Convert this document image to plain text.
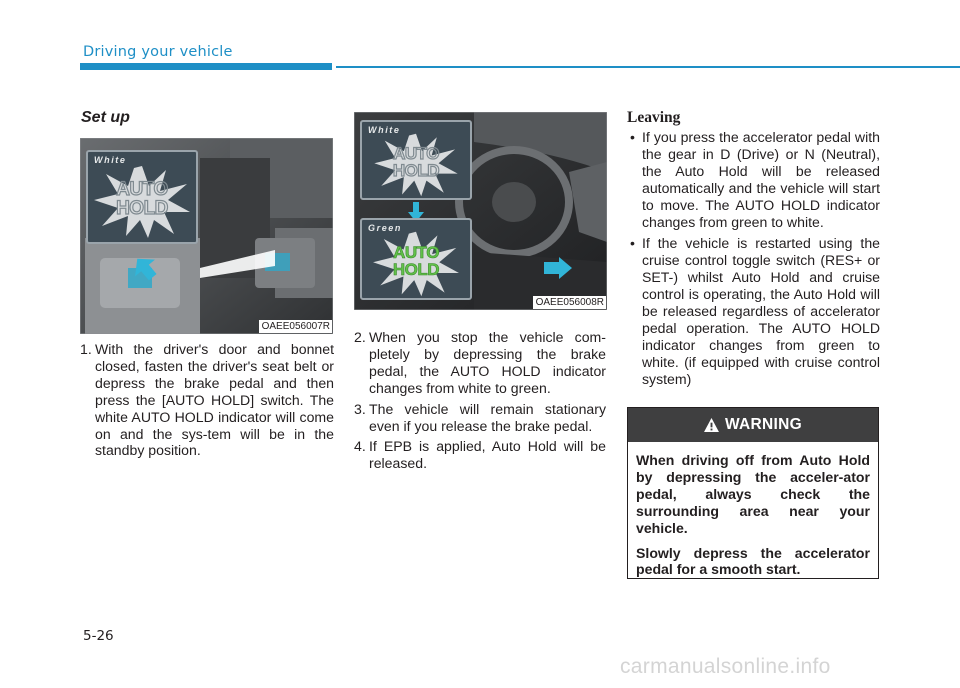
Driving your vehicle
Set up
White
AUTO
HOLD
OAEE056007R
White
AUTO
HOLD
Green
AUTO
HOLD
OAEE056008R
1. With the driver's door and bonnet closed, fasten the driver's seat belt or depress the brake pedal and then press the [AUTO HOLD] switch. The white AUTO HOLD indicator will come on and the sys-tem will be in the standby position.
2. When you stop the vehicle com-pletely by depressing the brake pedal, the AUTO HOLD indicator changes from white to green.
3. The vehicle will remain stationary even if you release the brake pedal.
4. If EPB is applied, Auto Hold will be released.
Leaving
• If you press the accelerator pedal with the gear in D (Drive) or N (Neutral), the Auto Hold will be released automatically and the vehicle will start to move. The AUTO HOLD indicator changes from green to white.
• If the vehicle is restarted using the cruise control toggle switch (RES+ or SET-) whilst Auto Hold and cruise control is operating, the Auto Hold will be released regardless of accelerator pedal operation. The AUTO HOLD indicator changes from green to white. (if equipped with cruise control system)
WARNING

When driving off from Auto Hold by depressing the acceler-ator pedal, always check the surrounding area near your vehicle.

Slowly depress the accelerator pedal for a smooth start.

5-26
carmanualsonline.info
